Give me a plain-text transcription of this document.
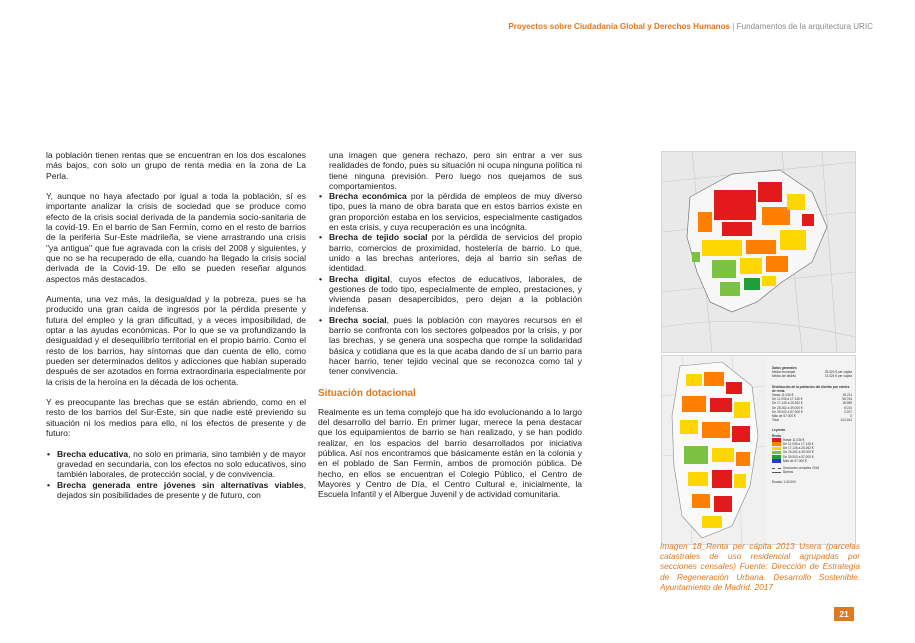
Proyectos sobre Ciudadanía Global y Derechos Humanos | Fundamentos de la arquitectura URIC

la población tienen rentas que se encuentran en los dos escalones más bajos, con solo un grupo de renta media en la zona de La Perla.

Y, aunque no haya afectado por igual a toda la población, sí es importante analizar la crisis de sociedad que se produce como efecto de la crisis social derivada de la pandemia socio-sanitaria de la covid-19. En el barrio de San Fermín, como en el resto de barrios de la periferia Sur-Este madrileña, se viene arrastrando una crisis "ya antigua" que fue agravada con la crisis del 2008 y siguientes, y que no se ha recuperado de ella, cuando ha llegado la crisis social derivada de la Covid-19. De ello se pueden reseñar algunos aspectos más destacados.

Aumenta, una vez más, la desigualdad y la pobreza, pues se ha producido una gran caída de ingresos por la pérdida presente y futura del empleo y la gran dificultad, y a veces imposibilidad, de optar a las ayudas económicas. Por lo que se va profundizando la desigualdad y el desequilibrio territorial en el propio barrio. Como el resto de los barrios, hay síntomas que dan cuenta de ello, como pueden ser determinados delitos y adicciones que habían superado después de ser azotados en forma extraordinaria especialmente por la crisis de la heroína en la década de los ochenta.

Y es preocupante las brechas que se están abriendo, como en el resto de los barrios del Sur-Este, sin que nadie esté previendo su situación ni los medios para ello, ni los efectos de presente y de futuro:

• Brecha educativa, no solo en primaria, sino también y de mayor gravedad en secundaria, con los efectos no solo educativos, sino también laborales, de protección social, y de convivencia.
• Brecha generada entre jóvenes sin alternativas viables, dejados sin posibilidades de presente y de futuro, con

una imagen que genera rechazo, pero sin entrar a ver sus realidades de fondo, pues su situación ni ocupa ninguna política ni tiene ninguna previsión. Pero luego nos quejamos de sus comportamientos.

• Brecha económica por la pérdida de empleos de muy diverso tipo, pues la mano de obra barata que en estos barrios existe en gran proporción estaba en los servicios, especialmente castigados en esta crisis, y cuya recuperación es una incógnita.
• Brecha de tejido social por la pérdida de servicios del propio barrio, comercios de proximidad, hostelería de barrio. Lo que, unido a las brechas anteriores, deja al barrio sin señas de identidad.
• Brecha digital, cuyos efectos de educativos, laborales, de gestiones de todo tipo, especialmente de empleo, prestaciones, y vivienda pasan desapercibidos, pero dejan a la población indefensa.
• Brecha social, pues la población con mayores recursos en el barrio se confronta con los sectores golpeados por la crisis, y por las brechas, y se genera una sospecha que rompe la solidaridad básica y cotidiana que es la que acaba dando de sí un barrio para hacer barrio, tener tejido vecinal que se reconozca como tal y tener convivencia.
Situación dotacional

Realmente es un tema complejo que ha ido evolucionando a lo largo del desarrollo del barrio. En primer lugar, merece la pena destacar que los equipamientos de barrio se han realizado, y se han podido realizar, en los espacios del barrio desarrollados por iniciativa pública. Así nos encontramos que básicamente están en la colonia y en el poblado de San Fermín, ambos de promoción pública. De hecho, en ellos se encuentran el Colegio Público, el Centro de Mayores y Centro de Día, el Centro Cultural e, inicialmente, la Escuela Infantil y el Albergue Juvenil y de actividad comunitaria.

Datos generales
Media municipal	25.323 € per cápita
Media del distrito	13.424 € per cápita
Distribución de la población del distrito por niveles de renta
Hasta 11.036 €	18.211
De 11.036 a 17.145 €	58.764
De 17.145 a 25.262 €	18.989
De 25.262 a 39.000 €	6.010
De 39.000 a 57.000 €	2.207
Más de 57.000 €	0
Total	104.181
Leyenda
Renta
Hasta 11.036 €
De 11.036 a 17.145 €
De 17.145 a 25.262 €
De 25.262 a 39.000 €
De 39.000 a 57.000 €
Más de 57.000 €
Secciones censales 2016
Barrios
Escala: 1:30.000
Imagen 18_Renta per cápita 2013 Usera (parcelas catastrales de uso residencial agrupadas por secciones censales) Fuente: Dirección de Estrategia de Regeneración Urbana. Desarrollo Sostenible. Ayuntamiento de Madrid. 2017
21
